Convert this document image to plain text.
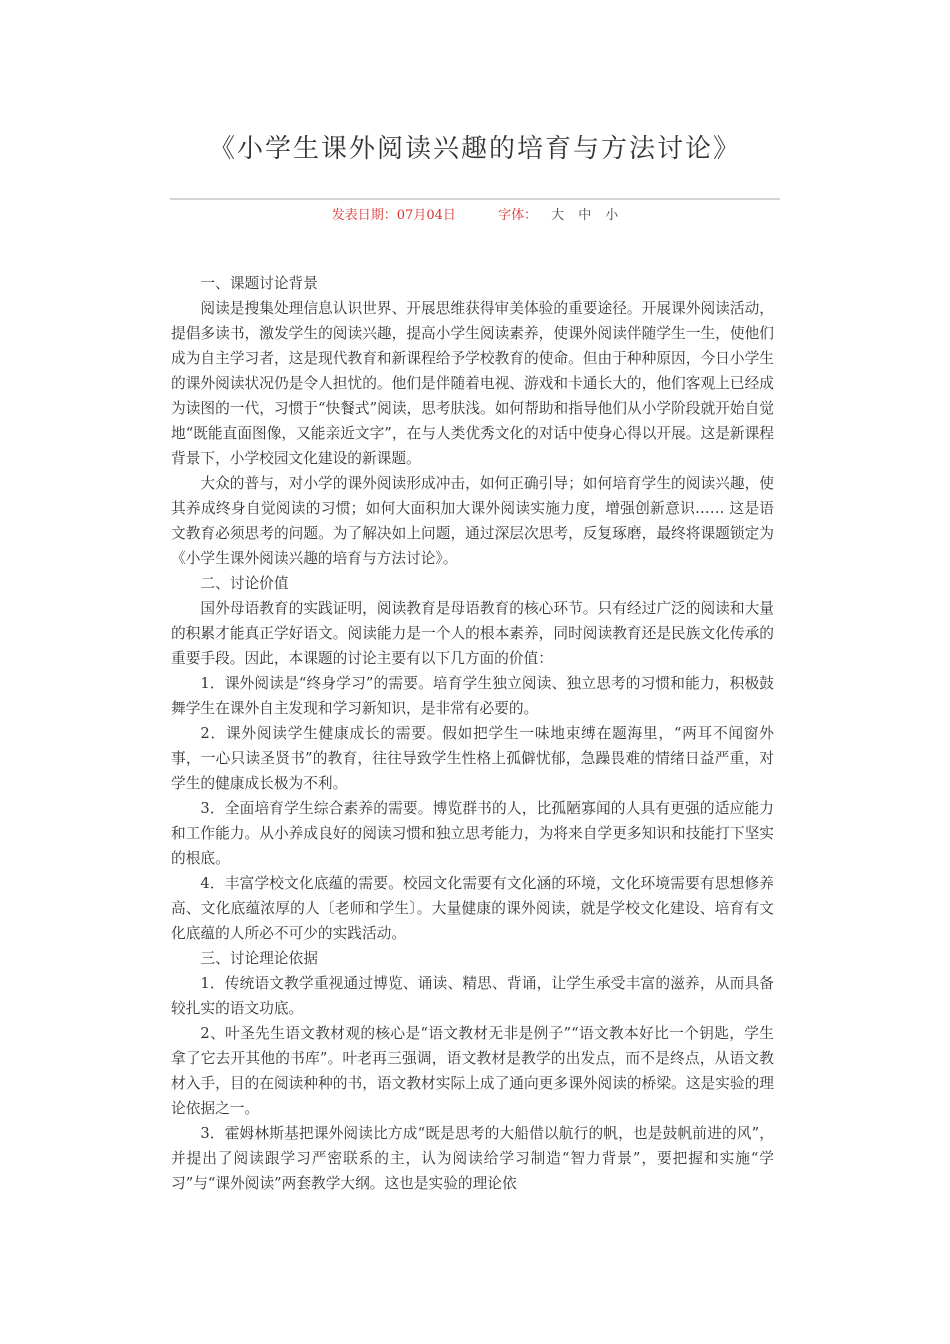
《小学生课外阅读兴趣的培育与方法讨论》
发表日期：07月04日	字体： 大 中 小

一、课题讨论背景

阅读是搜集处理信息认识世界、开展思维获得审美体验的重要途径。开展课外阅读活动，提倡多读书，激发学生的阅读兴趣，提高小学生阅读素养，使课外阅读伴随学生一生，使他们成为自主学习者，这是现代教育和新课程给予学校教育的使命。但由于种种原因，今日小学生的课外阅读状况仍是令人担忧的。他们是伴随着电视、游戏和卡通长大的，他们客观上已经成为读图的一代，习惯于“快餐式”阅读，思考肤浅。如何帮助和指导他们从小学阶段就开始自觉地“既能直面图像，又能亲近文字”，在与人类优秀文化的对话中使身心得以开展。这是新课程背景下，小学校园文化建设的新课题。

大众的普与，对小学的课外阅读形成冲击，如何正确引导；如何培育学生的阅读兴趣，使其养成终身自觉阅读的习惯；如何大面积加大课外阅读实施力度，增强创新意识…… 这是语文教育必须思考的问题。为了解决如上问题，通过深层次思考，反复琢磨，最终将课题锁定为《小学生课外阅读兴趣的培育与方法讨论》。

二、讨论价值

国外母语教育的实践证明，阅读教育是母语教育的核心环节。只有经过广泛的阅读和大量的积累才能真正学好语文。阅读能力是一个人的根本素养，同时阅读教育还是民族文化传承的重要手段。因此，本课题的讨论主要有以下几方面的价值：

1．课外阅读是“终身学习”的需要。培育学生独立阅读、独立思考的习惯和能力，积极鼓舞学生在课外自主发现和学习新知识，是非常有必要的。

2．课外阅读学生健康成长的需要。假如把学生一味地束缚在题海里，“两耳不闻窗外事，一心只读圣贤书”的教育，往往导致学生性格上孤僻忧郁，急躁畏难的情绪日益严重，对学生的健康成长极为不利。

3．全面培育学生综合素养的需要。博览群书的人，比孤陋寡闻的人具有更强的适应能力和工作能力。从小养成良好的阅读习惯和独立思考能力，为将来自学更多知识和技能打下坚实的根底。

4．丰富学校文化底蕴的需要。校园文化需要有文化涵的环境，文化环境需要有思想修养高、文化底蕴浓厚的人〔老师和学生〕。大量健康的课外阅读，就是学校文化建设、培育有文化底蕴的人所必不可少的实践活动。

三、讨论理论依据

1．传统语文教学重视通过博览、诵读、精思、背诵，让学生承受丰富的滋养，从而具备较扎实的语文功底。

2、叶圣先生语文教材观的核心是“语文教材无非是例子”“语文教本好比一个钥匙，学生拿了它去开其他的书库”。叶老再三强调，语文教材是教学的出发点，而不是终点，从语文教材入手，目的在阅读种种的书，语文教材实际上成了通向更多课外阅读的桥梁。这是实验的理论依据之一。

3．霍姆林斯基把课外阅读比方成“既是思考的大船借以航行的帆，也是鼓帆前进的风”，并提出了阅读跟学习严密联系的主，认为阅读给学习制造“智力背景”，要把握和实施“学习”与“课外阅读”两套教学大纲。这也是实验的理论依
